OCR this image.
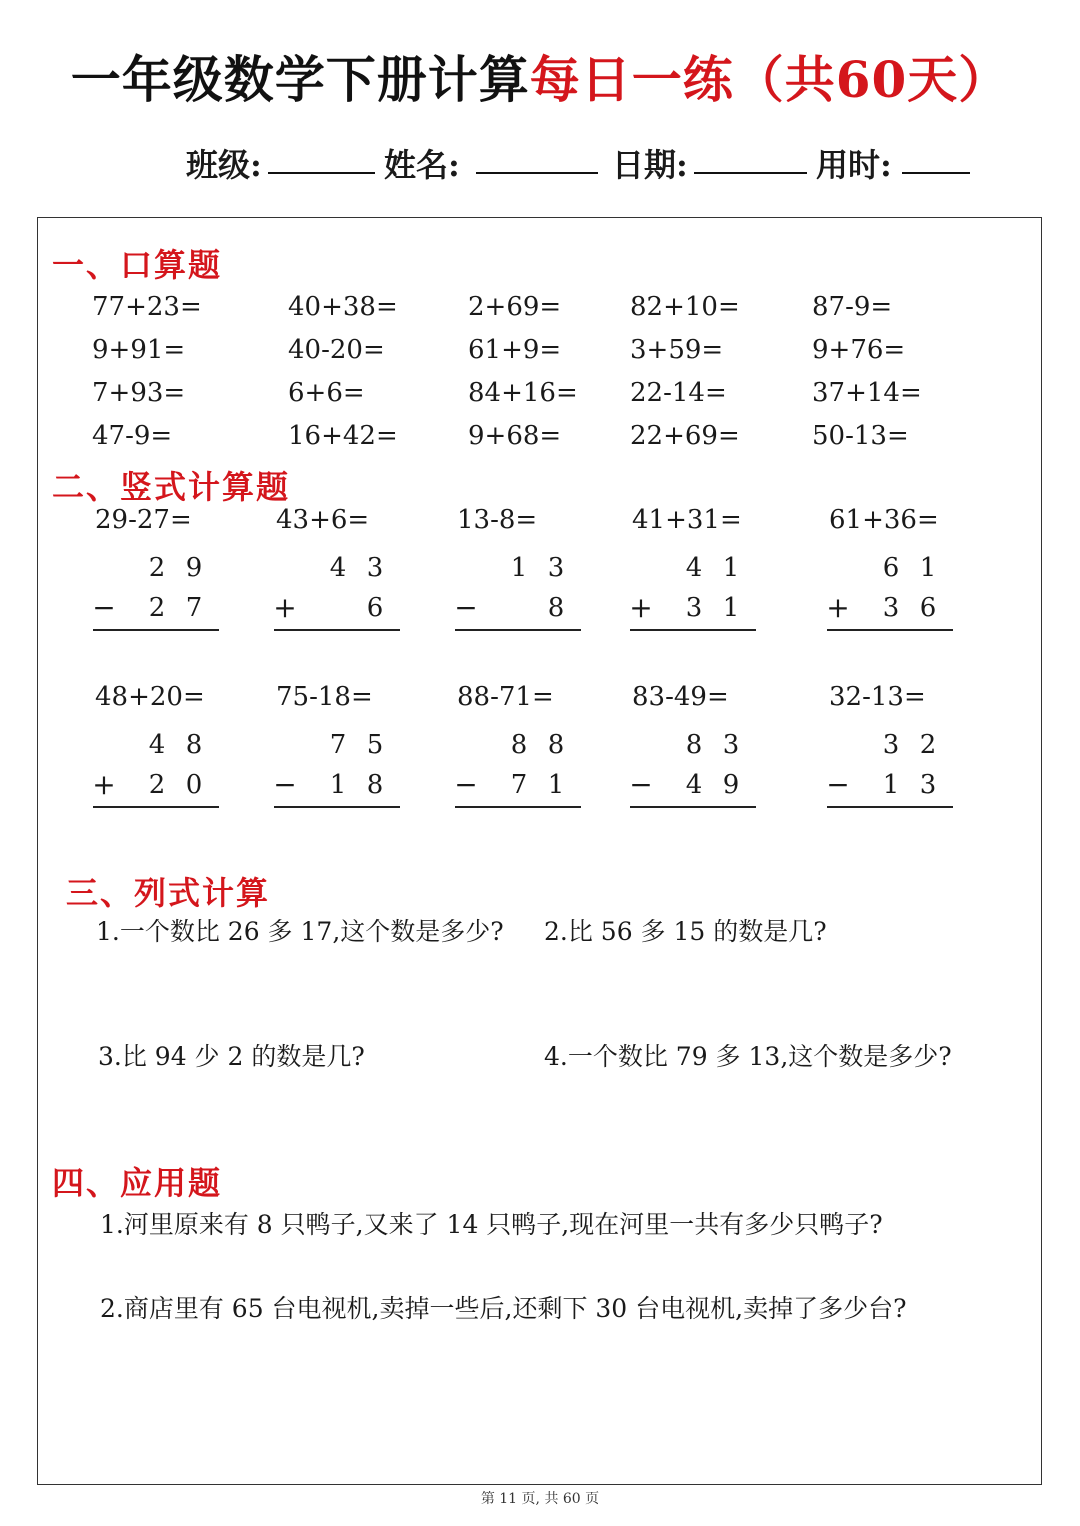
一年级数学下册计算每日一练（共60天）
班级:	姓名:	日期:	用时:
一、口算题
77+23=	40+38=	2+69=	82+10=	87-9=
9+91=	40-20=	61+9=	3+59=	9+76=
7+93=	6+6=	84+16= 22-14=	37+14=
47-9=	16+42=	9+68=	22+69=	50-13=
二、竖式计算题
29-27=
2 9
− 2 7
43+6=
4 3
+	6
13-8=
1 3
−	8
41+31=
4 1
+ 3 1
61+36=
6 1
+ 3 6
48+20=
4 8
+ 2 0
75-18=
7 5
− 1 8
88-71=
8 8
− 7 1
83-49=
8 3
− 4 9
32-13=
3 2
− 1 3
三、列式计算
1.一个数比 26 多 17,这个数是多少? 2.比 56 多 15 的数是几?
3.比 94 少 2 的数是几?	4.一个数比 79 多 13,这个数是多少?
四、应用题
1.河里原来有 8 只鸭子,又来了 14 只鸭子,现在河里一共有多少只鸭子?
2.商店里有 65 台电视机,卖掉一些后,还剩下 30 台电视机,卖掉了多少台?
第 11 页, 共 60 页
